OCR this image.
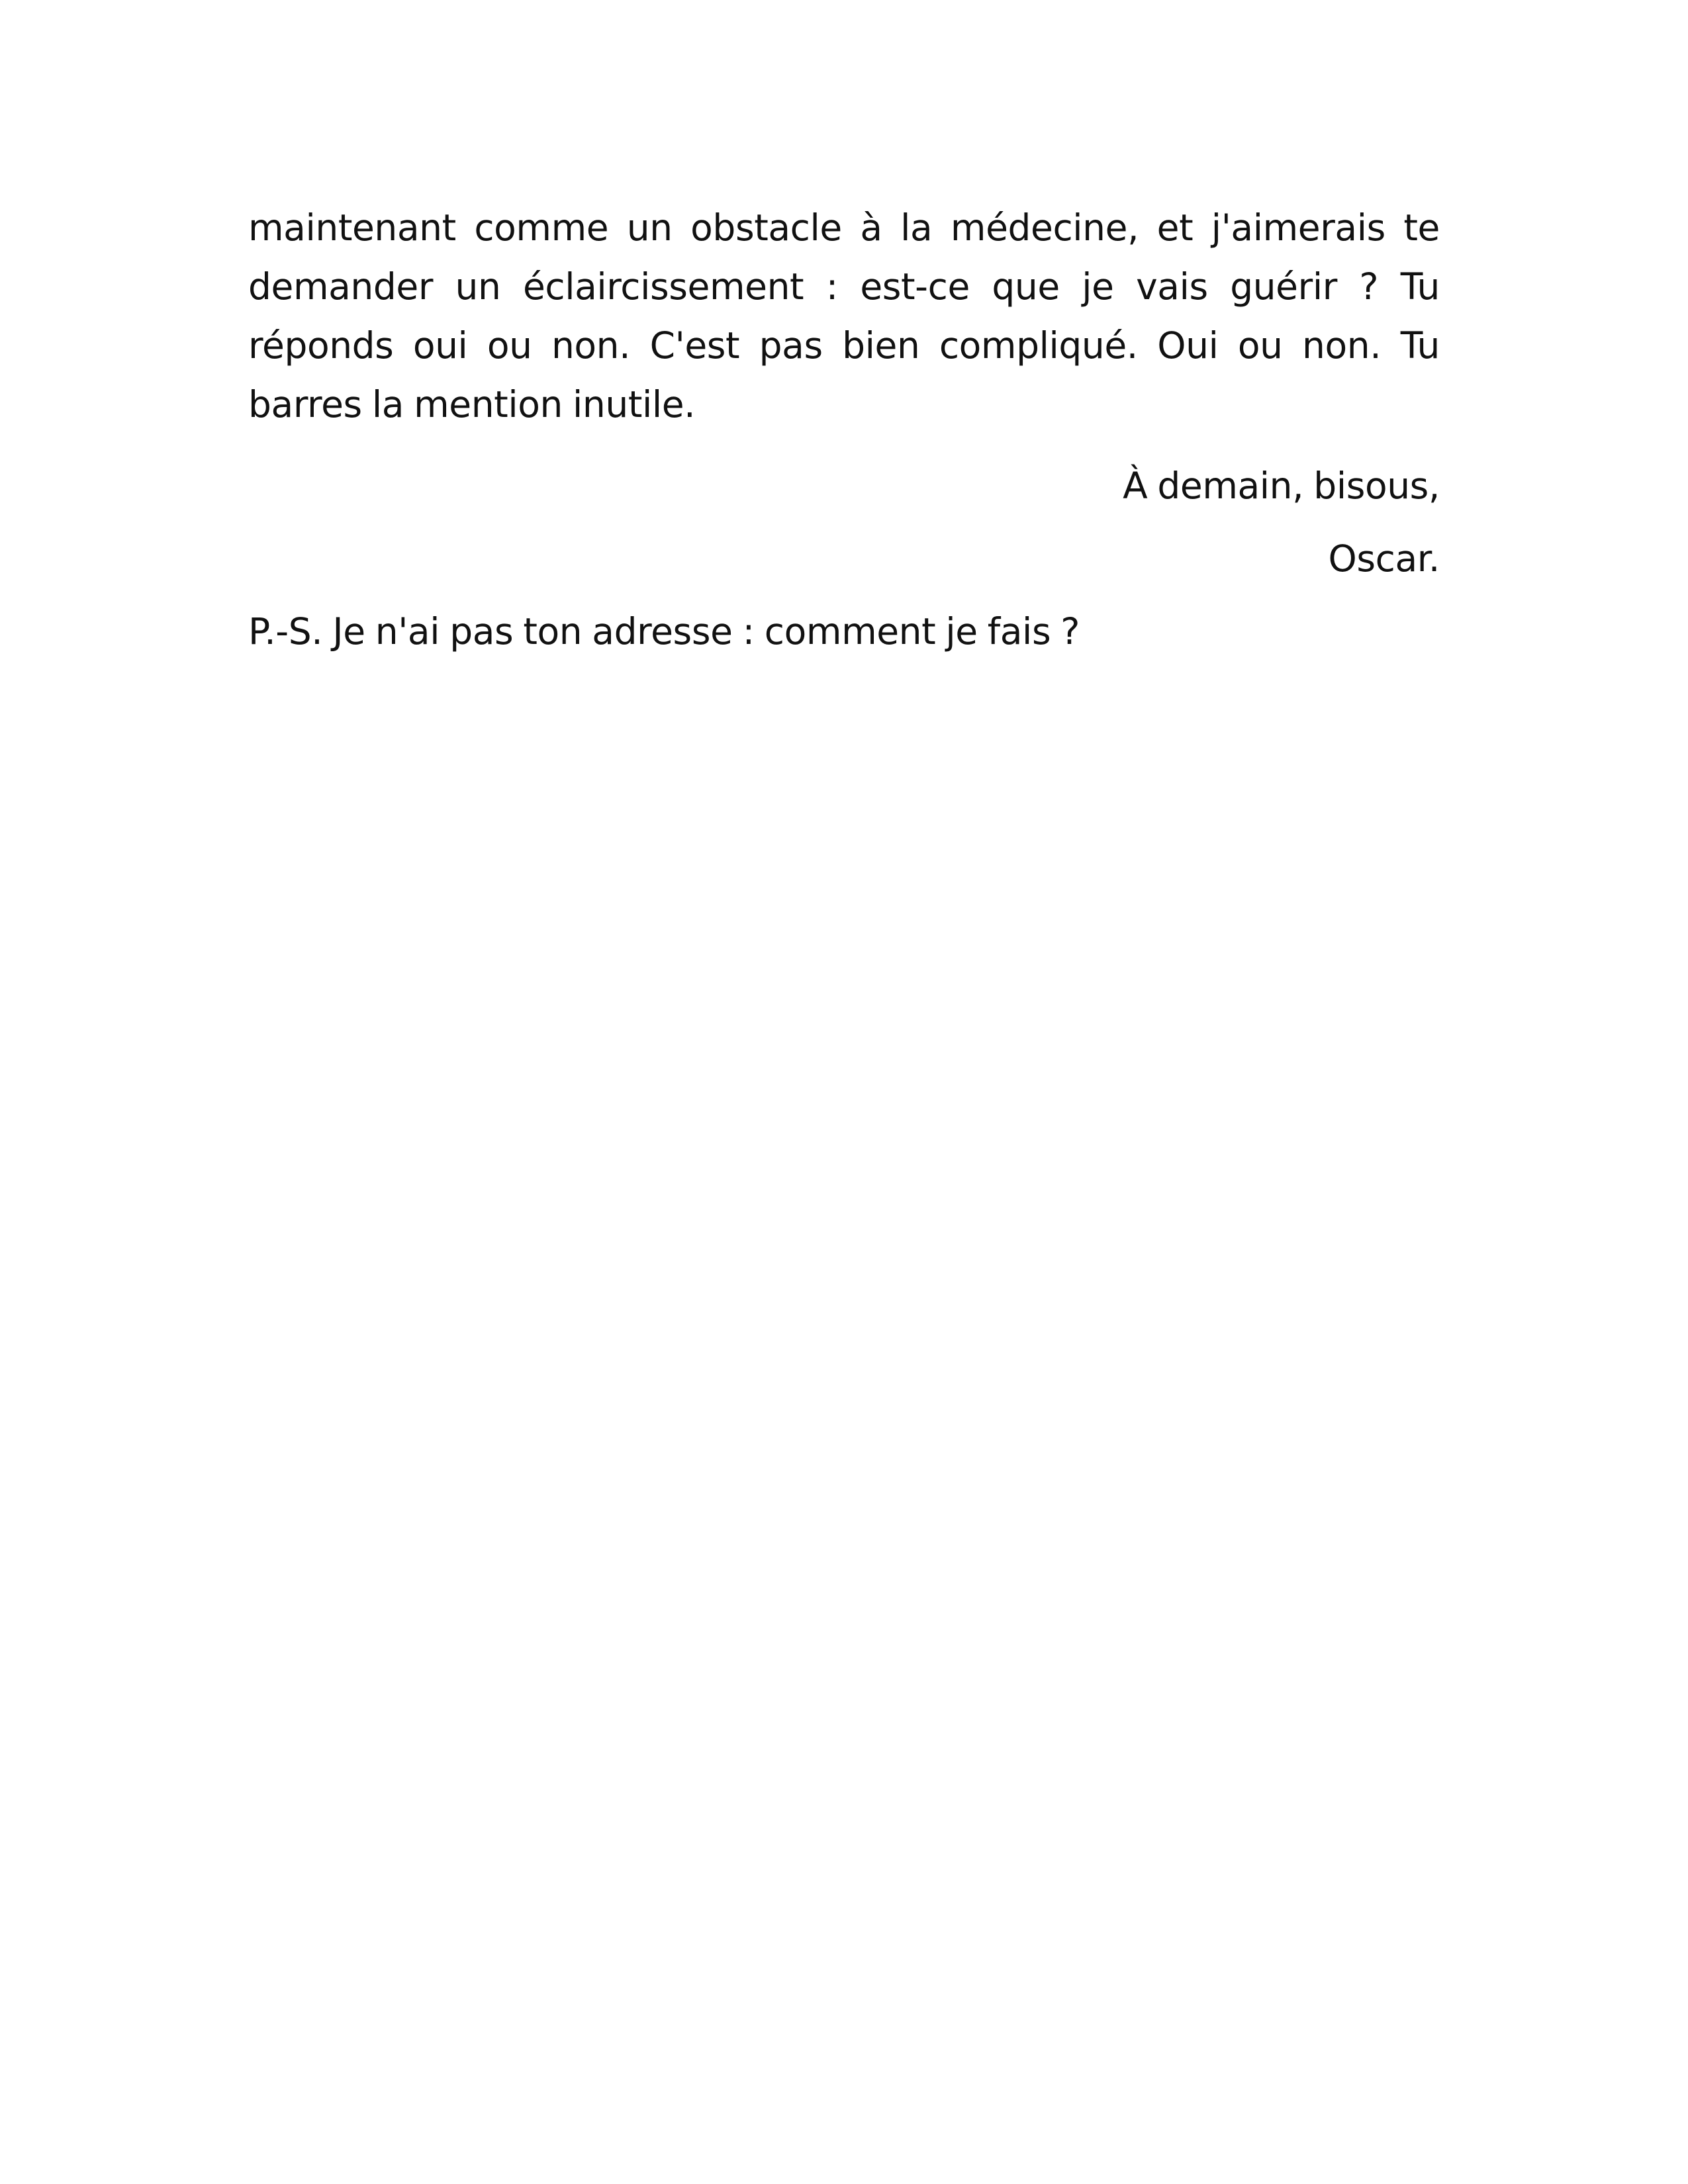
maintenant comme un obstacle à la médecine, et j'aimerais te demander un éclaircissement : est-ce que je vais guérir ? Tu réponds oui ou non. C'est pas bien compliqué. Oui ou non. Tu barres la mention inutile.

À demain, bisous,

Oscar.

P.-S. Je n'ai pas ton adresse : comment je fais ?
